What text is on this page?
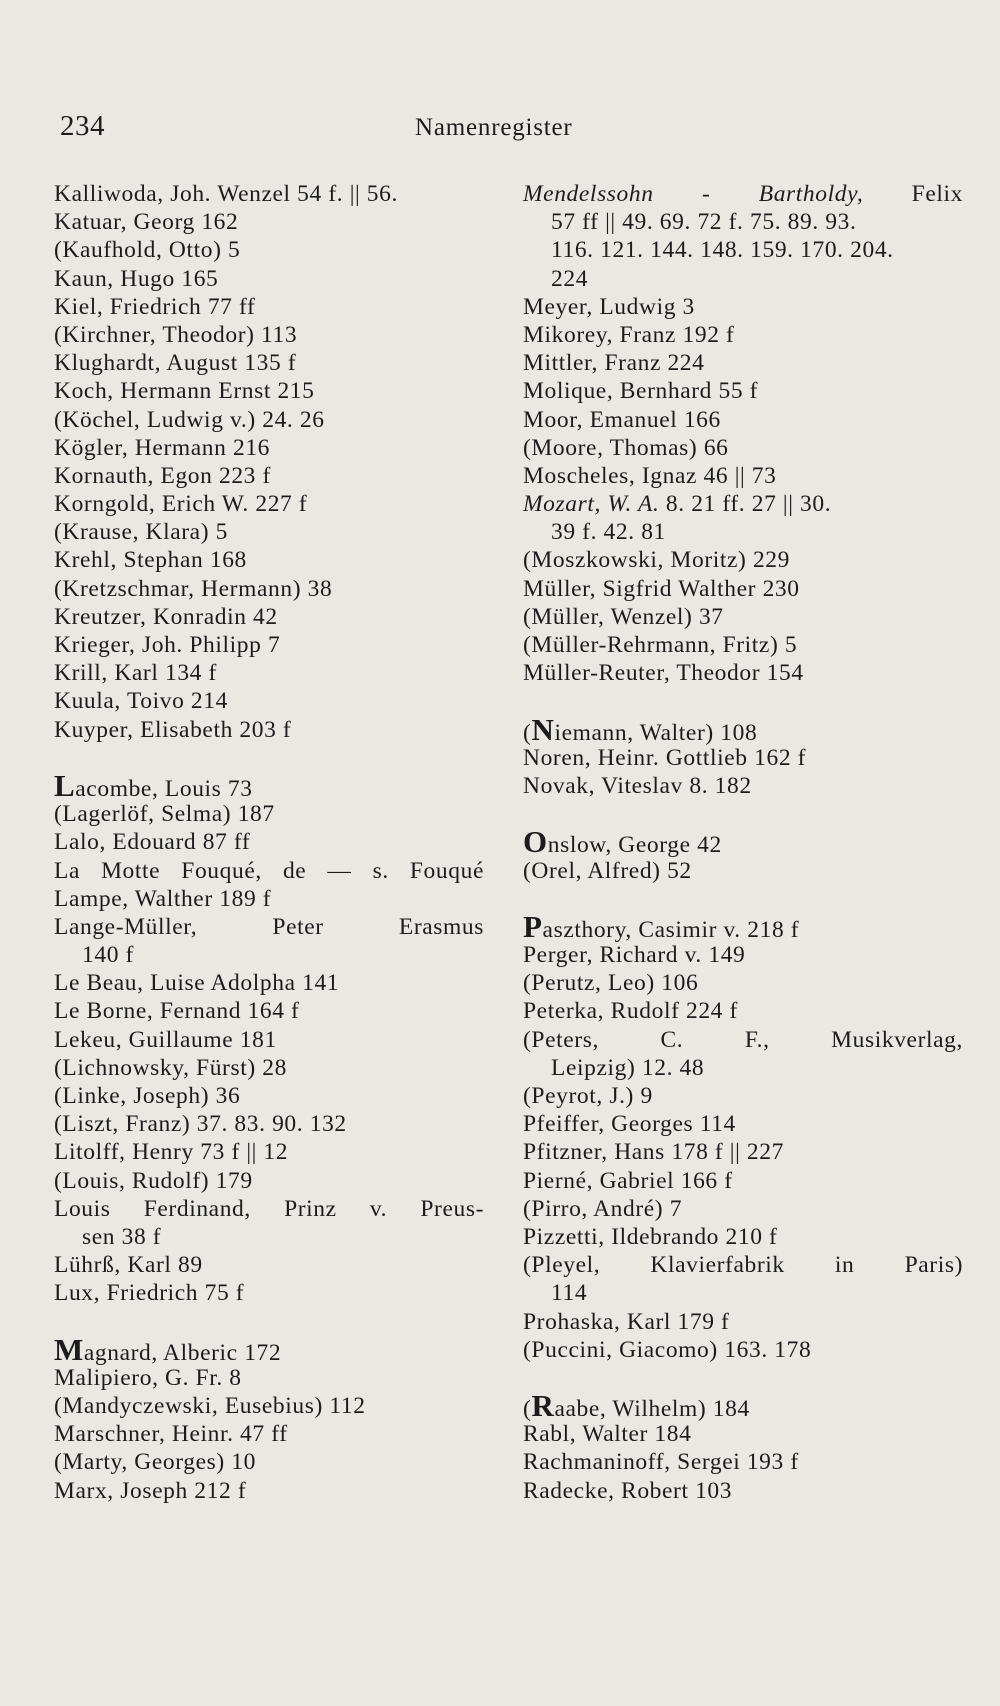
234	Namenregister
Kalliwoda, Joh. Wenzel 54 f. || 56.
Katuar, Georg 162
(Kaufhold, Otto) 5
Kaun, Hugo 165
Kiel, Friedrich 77 ff
(Kirchner, Theodor) 113
Klughardt, August 135 f
Koch, Hermann Ernst 215
(Köchel, Ludwig v.) 24. 26
Kögler, Hermann 216
Kornauth, Egon 223 f
Korngold, Erich W. 227 f
(Krause, Klara) 5
Krehl, Stephan 168
(Kretzschmar, Hermann) 38
Kreutzer, Konradin 42
Krieger, Joh. Philipp 7
Krill, Karl 134 f
Kuula, Toivo 214
Kuyper, Elisabeth 203 f
Lacombe, Louis 73
(Lagerlöf, Selma) 187
Lalo, Edouard 87 ff
La Motte Fouqué, de — s. Fouqué
Lampe, Walther 189 f
Lange-Müller, Peter Erasmus
140 f
Le Beau, Luise Adolpha 141
Le Borne, Fernand 164 f
Lekeu, Guillaume 181
(Lichnowsky, Fürst) 28
(Linke, Joseph) 36
(Liszt, Franz) 37. 83. 90. 132
Litolff, Henry 73 f || 12
(Louis, Rudolf) 179
Louis Ferdinand, Prinz v. Preus-
sen 38 f
Lührß, Karl 89
Lux, Friedrich 75 f
Magnard, Alberic 172
Malipiero, G. Fr. 8
(Mandyczewski, Eusebius) 112
Marschner, Heinr. 47 ff
(Marty, Georges) 10
Marx, Joseph 212 f
Mendelssohn - Bartholdy, Felix
57 ff || 49. 69. 72 f. 75. 89. 93.
116. 121. 144. 148. 159. 170. 204.
224
Meyer, Ludwig 3
Mikorey, Franz 192 f
Mittler, Franz 224
Molique, Bernhard 55 f
Moor, Emanuel 166
(Moore, Thomas) 66
Moscheles, Ignaz 46 || 73
Mozart, W. A. 8. 21 ff. 27 || 30.
39 f. 42. 81
(Moszkowski, Moritz) 229
Müller, Sigfrid Walther 230
(Müller, Wenzel) 37
(Müller-Rehrmann, Fritz) 5
Müller-Reuter, Theodor 154
(Niemann, Walter) 108
Noren, Heinr. Gottlieb 162 f
Novak, Viteslav 8. 182
Onslow, George 42
(Orel, Alfred) 52
Paszthory, Casimir v. 218 f
Perger, Richard v. 149
(Perutz, Leo) 106
Peterka, Rudolf 224 f
(Peters, C. F., Musikverlag,
Leipzig) 12. 48
(Peyrot, J.) 9
Pfeiffer, Georges 114
Pfitzner, Hans 178 f || 227
Pierné, Gabriel 166 f
(Pirro, André) 7
Pizzetti, Ildebrando 210 f
(Pleyel, Klavierfabrik in Paris)
114
Prohaska, Karl 179 f
(Puccini, Giacomo) 163. 178
(Raabe, Wilhelm) 184
Rabl, Walter 184
Rachmaninoff, Sergei 193 f
Radecke, Robert 103
